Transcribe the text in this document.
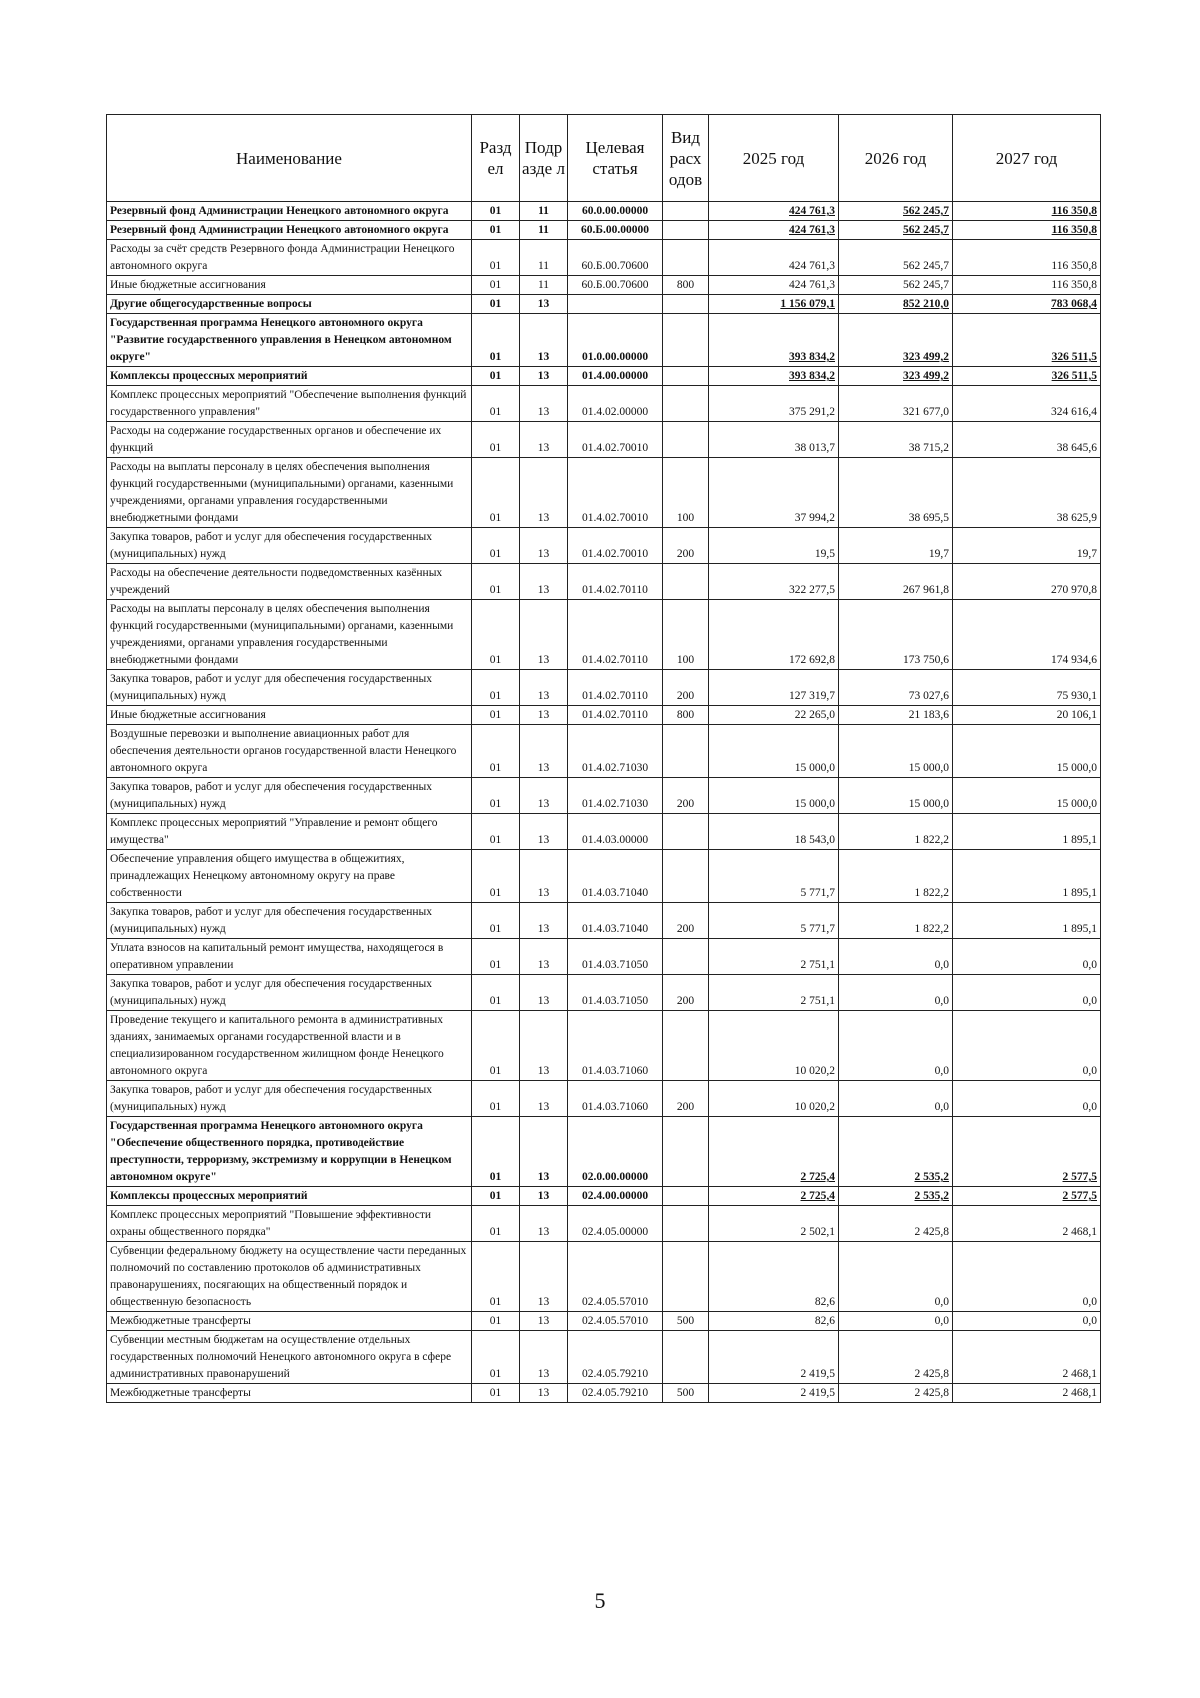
Наименование	Разд ел	Подр азде л	Целевая статья	Вид расх одов	2025 год	2026 год	2027 год
Резервный фонд Администрации Ненецкого автономного округа	01	11	60.0.00.00000		424 761,3	562 245,7	116 350,8
Резервный фонд Администрации Ненецкого автономного округа	01	11	60.Б.00.00000		424 761,3	562 245,7	116 350,8
Расходы за счёт средств Резервного фонда Администрации Ненецкого автономного округа	01	11	60.Б.00.70600		424 761,3	562 245,7	116 350,8
Иные бюджетные ассигнования	01	11	60.Б.00.70600	800	424 761,3	562 245,7	116 350,8
Другие общегосударственные вопросы	01	13			1 156 079,1	852 210,0	783 068,4
Государственная программа Ненецкого автономного округа "Развитие государственного управления в Ненецком автономном округе"	01	13	01.0.00.00000		393 834,2	323 499,2	326 511,5
Комплексы процессных мероприятий	01	13	01.4.00.00000		393 834,2	323 499,2	326 511,5
Комплекс процессных мероприятий "Обеспечение выполнения функций государственного управления"	01	13	01.4.02.00000		375 291,2	321 677,0	324 616,4
Расходы на содержание государственных органов и обеспечение их функций	01	13	01.4.02.70010		38 013,7	38 715,2	38 645,6
Расходы на выплаты персоналу в целях обеспечения выполнения функций государственными (муниципальными) органами, казенными учреждениями, органами управления государственными внебюджетными фондами	01	13	01.4.02.70010	100	37 994,2	38 695,5	38 625,9
Закупка товаров, работ и услуг для обеспечения государственных (муниципальных) нужд	01	13	01.4.02.70010	200	19,5	19,7	19,7
Расходы на обеспечение деятельности подведомственных казённых учреждений	01	13	01.4.02.70110		322 277,5	267 961,8	270 970,8
Расходы на выплаты персоналу в целях обеспечения выполнения функций государственными (муниципальными) органами, казенными учреждениями, органами управления государственными внебюджетными фондами	01	13	01.4.02.70110	100	172 692,8	173 750,6	174 934,6
Закупка товаров, работ и услуг для обеспечения государственных (муниципальных) нужд	01	13	01.4.02.70110	200	127 319,7	73 027,6	75 930,1
Иные бюджетные ассигнования	01	13	01.4.02.70110	800	22 265,0	21 183,6	20 106,1
Воздушные перевозки и выполнение авиационных работ для обеспечения деятельности органов государственной власти Ненецкого автономного округа	01	13	01.4.02.71030		15 000,0	15 000,0	15 000,0
Закупка товаров, работ и услуг для обеспечения государственных (муниципальных) нужд	01	13	01.4.02.71030	200	15 000,0	15 000,0	15 000,0
Комплекс процессных мероприятий "Управление и ремонт общего имущества"	01	13	01.4.03.00000		18 543,0	1 822,2	1 895,1
Обеспечение управления общего имущества в общежитиях, принадлежащих Ненецкому автономному округу на праве собственности	01	13	01.4.03.71040		5 771,7	1 822,2	1 895,1
Закупка товаров, работ и услуг для обеспечения государственных (муниципальных) нужд	01	13	01.4.03.71040	200	5 771,7	1 822,2	1 895,1
Уплата взносов на капитальный ремонт имущества, находящегося в оперативном управлении	01	13	01.4.03.71050		2 751,1	0,0	0,0
Закупка товаров, работ и услуг для обеспечения государственных (муниципальных) нужд	01	13	01.4.03.71050	200	2 751,1	0,0	0,0
Проведение текущего и капитального ремонта в административных зданиях, занимаемых органами государственной власти и в специализированном государственном жилищном фонде Ненецкого автономного округа	01	13	01.4.03.71060		10 020,2	0,0	0,0
Закупка товаров, работ и услуг для обеспечения государственных (муниципальных) нужд	01	13	01.4.03.71060	200	10 020,2	0,0	0,0
Государственная программа Ненецкого автономного округа "Обеспечение общественного порядка, противодействие преступности, терроризму, экстремизму и коррупции в Ненецком автономном округе"	01	13	02.0.00.00000		2 725,4	2 535,2	2 577,5
Комплексы процессных мероприятий	01	13	02.4.00.00000		2 725,4	2 535,2	2 577,5
Комплекс процессных мероприятий "Повышение эффективности охраны общественного порядка"	01	13	02.4.05.00000		2 502,1	2 425,8	2 468,1
Субвенции федеральному бюджету на осуществление части переданных полномочий по составлению протоколов об административных правонарушениях, посягающих на общественный порядок и общественную безопасность	01	13	02.4.05.57010		82,6	0,0	0,0
Межбюджетные трансферты	01	13	02.4.05.57010	500	82,6	0,0	0,0
Субвенции местным бюджетам на осуществление отдельных государственных полномочий Ненецкого автономного округа в сфере административных правонарушений	01	13	02.4.05.79210		2 419,5	2 425,8	2 468,1
Межбюджетные трансферты	01	13	02.4.05.79210	500	2 419,5	2 425,8	2 468,1
5
